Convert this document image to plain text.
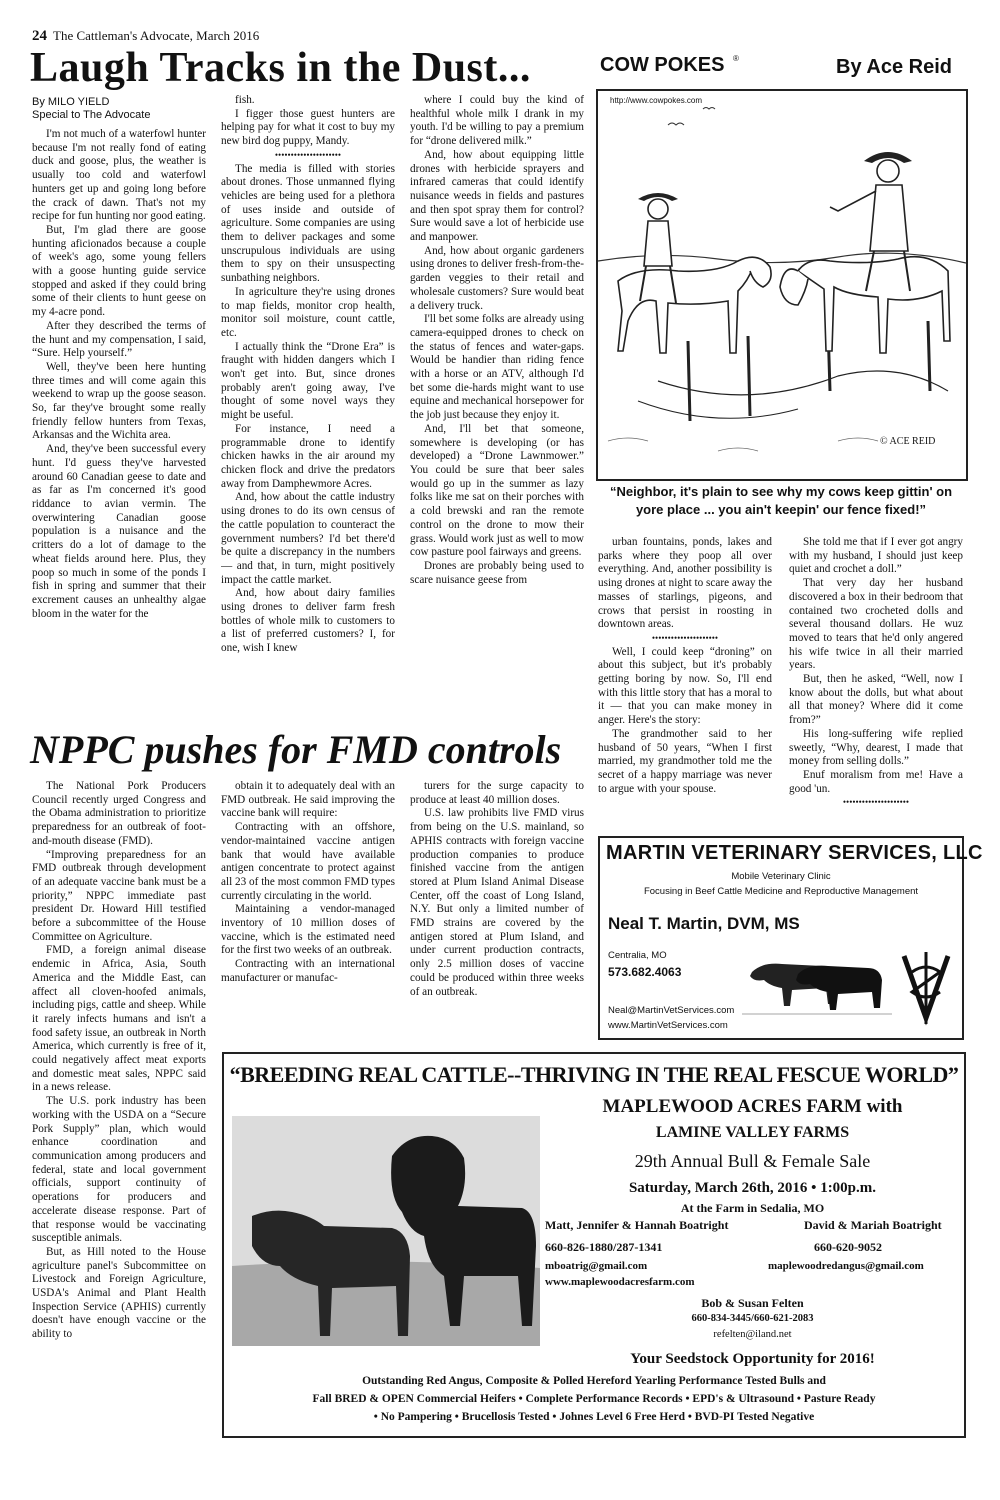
24 The Cattleman's Advocate, March 2016
Laugh Tracks in the Dust...
By MILO YIELD
Special to The Advocate

I'm not much of a waterfowl hunter because I'm not really fond of eating duck and goose, plus, the weather is usually too cold and waterfowl hunters get up and going long before the crack of dawn. That's not my recipe for fun hunting nor good eating.

But, I'm glad there are goose hunting aficionados because a couple of week's ago, some young fellers with a goose hunting guide service stopped and asked if they could bring some of their clients to hunt geese on my 4-acre pond.

After they described the terms of the hunt and my compensation, I said, “Sure. Help yourself.”

Well, they've been here hunting three times and will come again this weekend to wrap up the goose season. So, far they've brought some really friendly fellow hunters from Texas, Arkansas and the Wichita area.

And, they've been successful every hunt. I'd guess they've harvested around 60 Canadian geese to date and as far as I'm concerned it's good riddance to avian vermin. The overwintering Canadian goose population is a nuisance and the critters do a lot of damage to the wheat fields around here. Plus, they poop so much in some of the ponds I fish in spring and summer that their excrement causes an unhealthy algae bloom in the water for the

fish.

I figger those guest hunters are helping pay for what it cost to buy my new bird dog puppy, Mandy.

•••••••••••••••••••••

The media is filled with stories about drones. Those unmanned flying vehicles are being used for a plethora of uses inside and outside of agriculture. Some companies are using them to deliver packages and some unscrupulous individuals are using them to spy on their unsuspecting sunbathing neighbors.

In agriculture they're using drones to map fields, monitor crop health, monitor soil moisture, count cattle, etc.

I actually think the “Drone Era” is fraught with hidden dangers which I won't get into. But, since drones probably aren't going away, I've thought of some novel ways they might be useful.

For instance, I need a programmable drone to identify chicken hawks in the air around my chicken flock and drive the predators away from Damphewmore Acres.

And, how about the cattle industry using drones to do its own census of the cattle population to counteract the government numbers? I'd bet there'd be quite a discrepancy in the numbers — and that, in turn, might positively impact the cattle market.

And, how about dairy families using drones to deliver farm fresh bottles of whole milk to customers to a list of preferred customers? I, for one, wish I knew

where I could buy the kind of healthful whole milk I drank in my youth. I'd be willing to pay a premium for “drone delivered milk.”

And, how about equipping little drones with herbicide sprayers and infrared cameras that could identify nuisance weeds in fields and pastures and then spot spray them for control? Sure would save a lot of herbicide use and manpower.

And, how about organic gardeners using drones to deliver fresh-from-the-garden veggies to their retail and wholesale customers? Sure would beat a delivery truck.

I'll bet some folks are already using camera-equipped drones to check on the status of fences and water-gaps. Would be handier than riding fence with a horse or an ATV, although I'd bet some die-hards might want to use equine and mechanical horsepower for the job just because they enjoy it.

And, I'll bet that someone, somewhere is developing (or has developed) a “Drone Lawnmower.” You could be sure that beer sales would go up in the summer as lazy folks like me sat on their porches with a cold brewski and ran the remote control on the drone to mow their grass. Would work just as well to mow cow pasture pool fairways and greens.

Drones are probably being used to scare nuisance geese from

urban fountains, ponds, lakes and parks where they poop all over everything. And, another possibility is using drones at night to scare away the masses of starlings, pigeons, and crows that persist in roosting in downtown areas.

•••••••••••••••••••••

Well, I could keep “droning” on about this subject, but it's probably getting boring by now. So, I'll end with this little story that has a moral to it — that you can make money in anger. Here's the story:

The grandmother said to her husband of 50 years, “When I first married, my grandmother told me the secret of a happy marriage was never to argue with your spouse.

She told me that if I ever got angry with my husband, I should just keep quiet and crochet a doll.”

That very day her husband discovered a box in their bedroom that contained two crocheted dolls and several thousand dollars. He wuz moved to tears that he'd only angered his wife twice in all their married years.

But, then he asked, “Well, now I know about the dolls, but what about all that money? Where did it come from?”

His long-suffering wife replied sweetly, “Why, dearest, I made that money from selling dolls.”

Enuf moralism from me! Have a good 'un.

•••••••••••••••••••••

COW POKES ®	By Ace Reid
http://www.cowpokes.com
© ACE REID
“Neighbor, it's plain to see why my cows keep gittin' on yore place ... you ain't keepin' our fence fixed!”
NPPC pushes for FMD controls

The National Pork Producers Council recently urged Congress and the Obama administration to prioritize preparedness for an outbreak of foot-and-mouth disease (FMD).

“Improving preparedness for an FMD outbreak through development of an adequate vaccine bank must be a priority,” NPPC immediate past president Dr. Howard Hill testified before a subcommittee of the House Committee on Agriculture.

FMD, a foreign animal disease endemic in Africa, Asia, South America and the Middle East, can affect all cloven-hoofed animals, including pigs, cattle and sheep. While it rarely infects humans and isn't a food safety issue, an outbreak in North America, which currently is free of it, could negatively affect meat exports and domestic meat sales, NPPC said in a news release.

The U.S. pork industry has been working with the USDA on a “Secure Pork Supply” plan, which would enhance coordination and communication among producers and federal, state and local government officials, support continuity of operations for producers and accelerate disease response. Part of that response would be vaccinating susceptible animals.

But, as Hill noted to the House agriculture panel's Subcommittee on Livestock and Foreign Agriculture, USDA's Animal and Plant Health Inspection Service (APHIS) currently doesn't have enough vaccine or the ability to

obtain it to adequately deal with an FMD outbreak. He said improving the vaccine bank will require:

Contracting with an offshore, vendor-maintained vaccine antigen bank that would have available antigen concentrate to protect against all 23 of the most common FMD types currently circulating in the world.

Maintaining a vendor-managed inventory of 10 million doses of vaccine, which is the estimated need for the first two weeks of an outbreak.

Contracting with an international manufacturer or manufac-

turers for the surge capacity to produce at least 40 million doses.

U.S. law prohibits live FMD virus from being on the U.S. mainland, so APHIS contracts with foreign vaccine production companies to produce finished vaccine from the antigen stored at Plum Island Animal Disease Center, off the coast of Long Island, N.Y. But only a limited number of FMD strains are covered by the antigen stored at Plum Island, and under current production contracts, only 2.5 million doses of vaccine could be produced within three weeks of an outbreak.

MARTIN VETERINARY SERVICES, LLC
Mobile Veterinary Clinic
Focusing in Beef Cattle Medicine and Reproductive Management
Neal T. Martin, DVM, MS
Centralia, MO
573.682.4063
Neal@MartinVetServices.com
www.MartinVetServices.com
“BREEDING REAL CATTLE--THRIVING IN THE REAL FESCUE WORLD”
MAPLEWOOD ACRES FARM with
LAMINE VALLEY FARMS
29th Annual Bull & Female Sale
Saturday, March 26th, 2016 • 1:00p.m.
At the Farm in Sedalia, MO
Matt, Jennifer & Hannah Boatright	David & Mariah Boatright
660-826-1880/287-1341	660-620-9052
mboatrig@gmail.com	maplewoodredangus@gmail.com
www.maplewoodacresfarm.com
Bob & Susan Felten
660-834-3445/660-621-2083
refelten@iland.net
Your Seedstock Opportunity for 2016!
Outstanding Red Angus, Composite & Polled Hereford Yearling Performance Tested Bulls and
Fall BRED & OPEN Commercial Heifers • Complete Performance Records • EPD's & Ultrasound • Pasture Ready
• No Pampering • Brucellosis Tested • Johnes Level 6 Free Herd • BVD-PI Tested Negative
